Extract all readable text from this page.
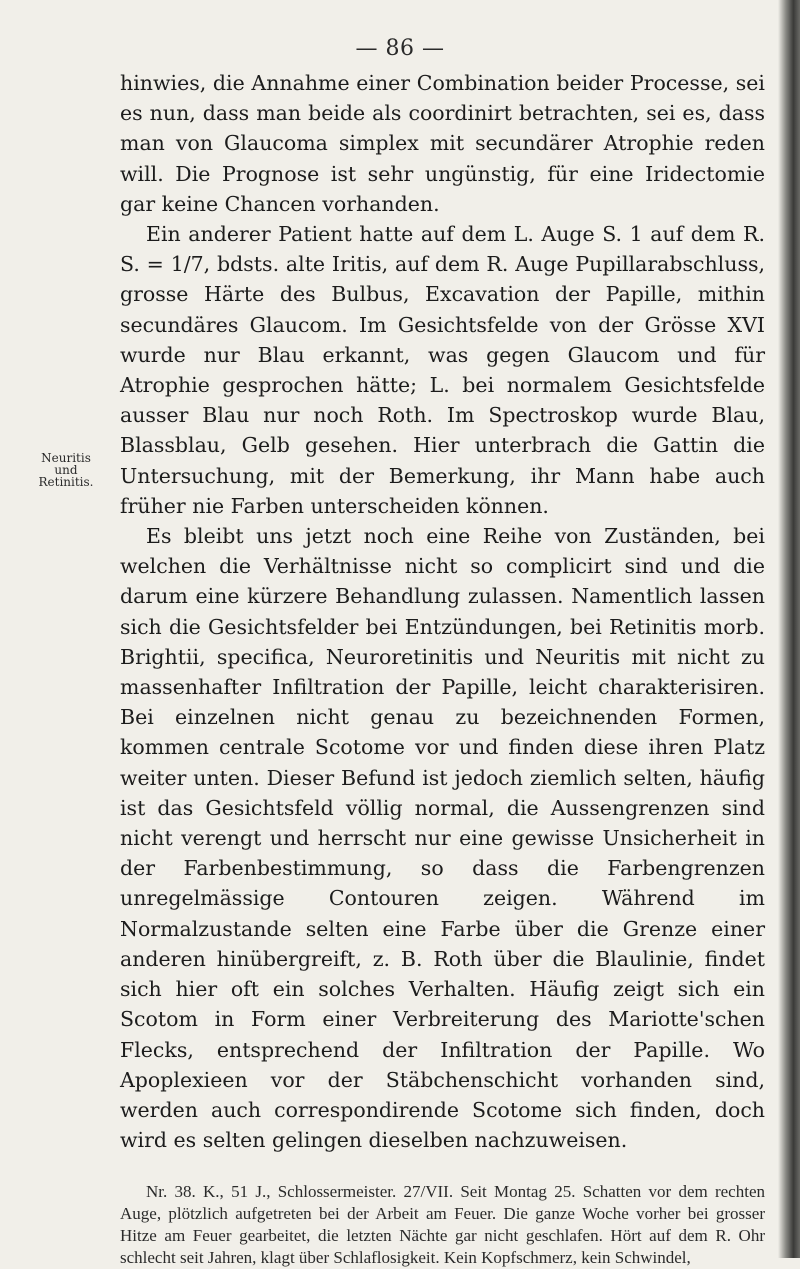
— 86 —
Neuritis und Retinitis.

hinwies, die Annahme einer Combination beider Processe, sei es nun, dass man beide als coordinirt betrachten, sei es, dass man von Glaucoma simplex mit secundärer Atrophie reden will. Die Prognose ist sehr ungünstig, für eine Iridectomie gar keine Chancen vorhanden.

Ein anderer Patient hatte auf dem L. Auge S. 1 auf dem R. S. = 1/7, bdsts. alte Iritis, auf dem R. Auge Pupillarabschluss, grosse Härte des Bulbus, Excavation der Papille, mithin secundäres Glaucom. Im Gesichtsfelde von der Grösse XVI wurde nur Blau erkannt, was gegen Glaucom und für Atrophie gesprochen hätte; L. bei normalem Gesichtsfelde ausser Blau nur noch Roth. Im Spectroskop wurde Blau, Blassblau, Gelb gesehen. Hier unterbrach die Gattin die Untersuchung, mit der Bemerkung, ihr Mann habe auch früher nie Farben unterscheiden können.

Es bleibt uns jetzt noch eine Reihe von Zuständen, bei welchen die Verhältnisse nicht so complicirt sind und die darum eine kürzere Behandlung zulassen. Namentlich lassen sich die Gesichtsfelder bei Entzündungen, bei Retinitis morb. Brightii, specifica, Neuroretinitis und Neuritis mit nicht zu massenhafter Infiltration der Papille, leicht charakterisiren. Bei einzelnen nicht genau zu bezeichnenden Formen, kommen centrale Scotome vor und finden diese ihren Platz weiter unten. Dieser Befund ist jedoch ziemlich selten, häufig ist das Gesichtsfeld völlig normal, die Aussengrenzen sind nicht verengt und herrscht nur eine gewisse Unsicherheit in der Farbenbestimmung, so dass die Farbengrenzen unregelmässige Contouren zeigen. Während im Normalzustande selten eine Farbe über die Grenze einer anderen hinübergreift, z. B. Roth über die Blaulinie, findet sich hier oft ein solches Verhalten. Häufig zeigt sich ein Scotom in Form einer Verbreiterung des Mariotte'schen Flecks, entsprechend der Infiltration der Papille. Wo Apoplexieen vor der Stäbchenschicht vorhanden sind, werden auch correspondirende Scotome sich finden, doch wird es selten gelingen dieselben nachzuweisen.

Nr. 38. K., 51 J., Schlossermeister. 27/VII. Seit Montag 25. Schatten vor dem rechten Auge, plötzlich aufgetreten bei der Arbeit am Feuer. Die ganze Woche vorher bei grosser Hitze am Feuer gearbeitet, die letzten Nächte gar nicht geschlafen. Hört auf dem R. Ohr schlecht seit Jahren, klagt über Schlaflosigkeit. Kein Kopfschmerz, kein Schwindel,
